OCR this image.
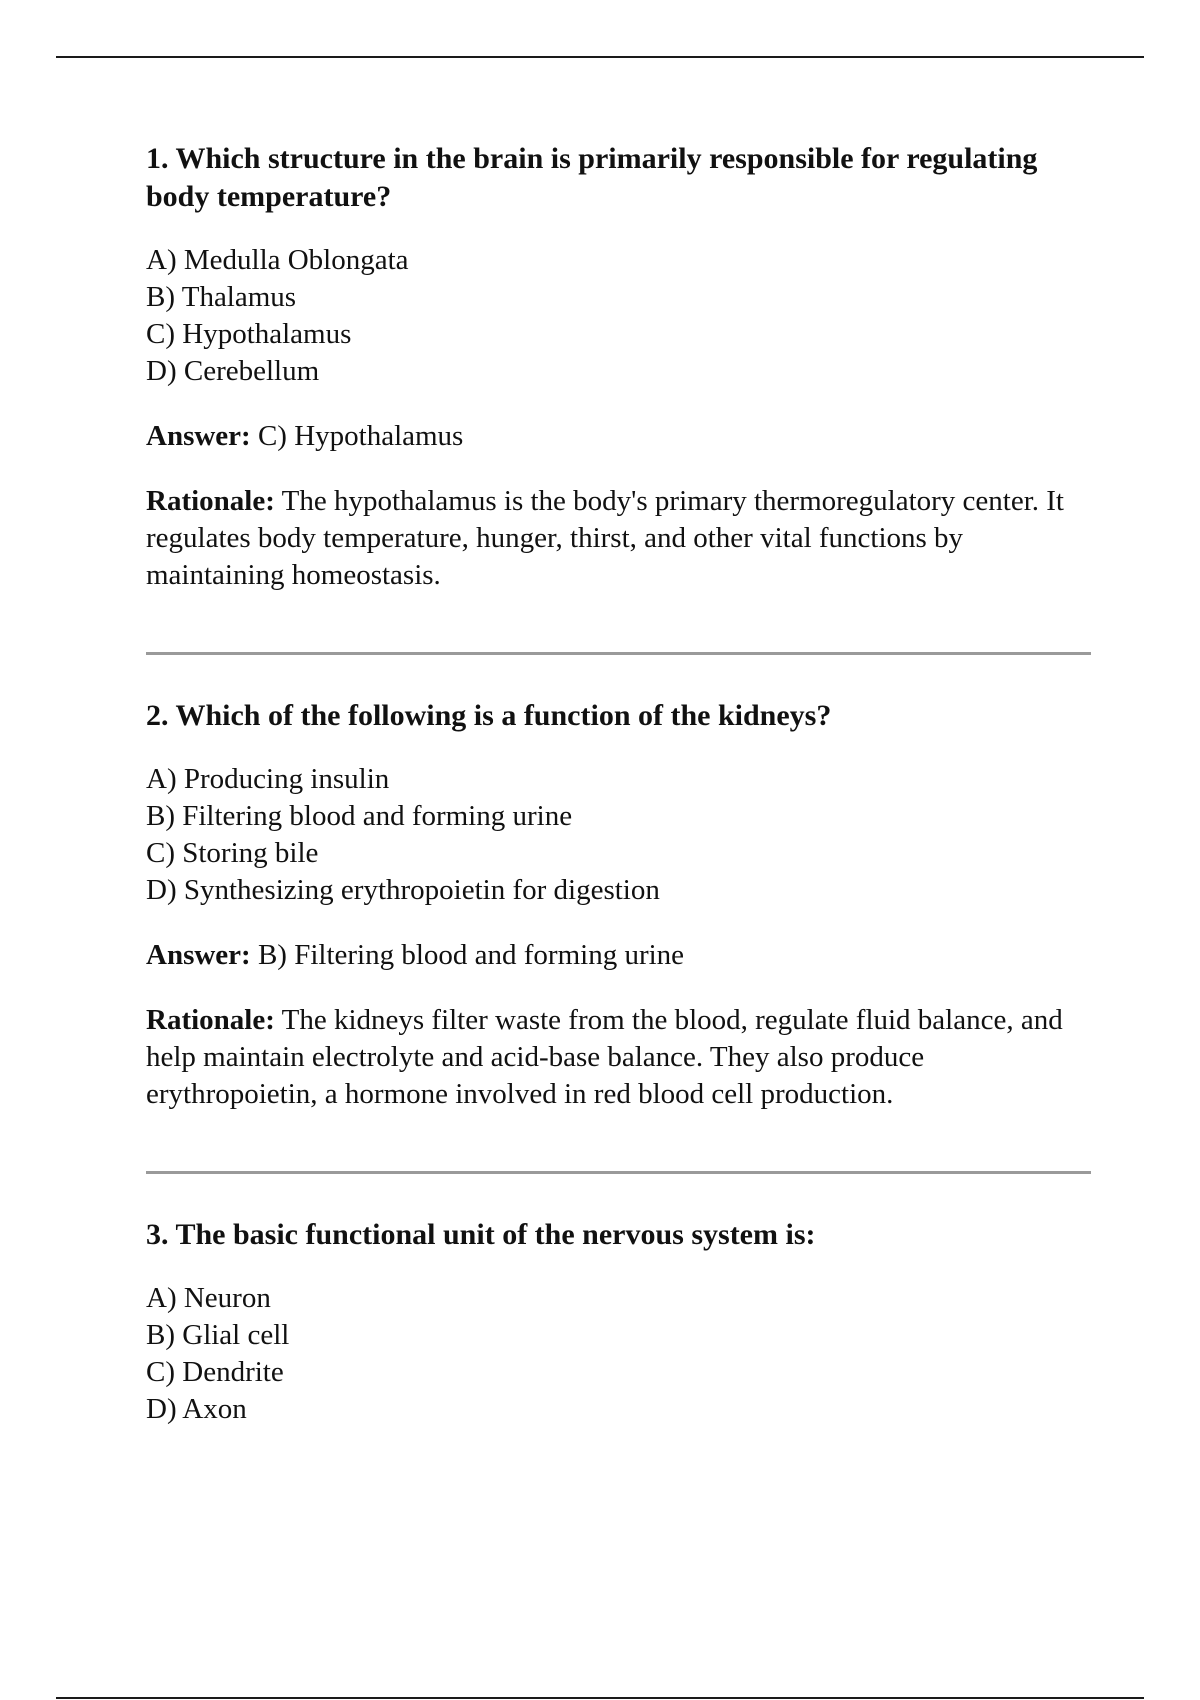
1. Which structure in the brain is primarily responsible for regulating body temperature?
A) Medulla Oblongata
B) Thalamus
C) Hypothalamus
D) Cerebellum

Answer: C) Hypothalamus

Rationale: The hypothalamus is the body's primary thermoregulatory center. It regulates body temperature, hunger, thirst, and other vital functions by maintaining homeostasis.

2. Which of the following is a function of the kidneys?
A) Producing insulin
B) Filtering blood and forming urine
C) Storing bile
D) Synthesizing erythropoietin for digestion

Answer: B) Filtering blood and forming urine

Rationale: The kidneys filter waste from the blood, regulate fluid balance, and help maintain electrolyte and acid-base balance. They also produce erythropoietin, a hormone involved in red blood cell production.

3. The basic functional unit of the nervous system is:
A) Neuron
B) Glial cell
C) Dendrite
D) Axon
